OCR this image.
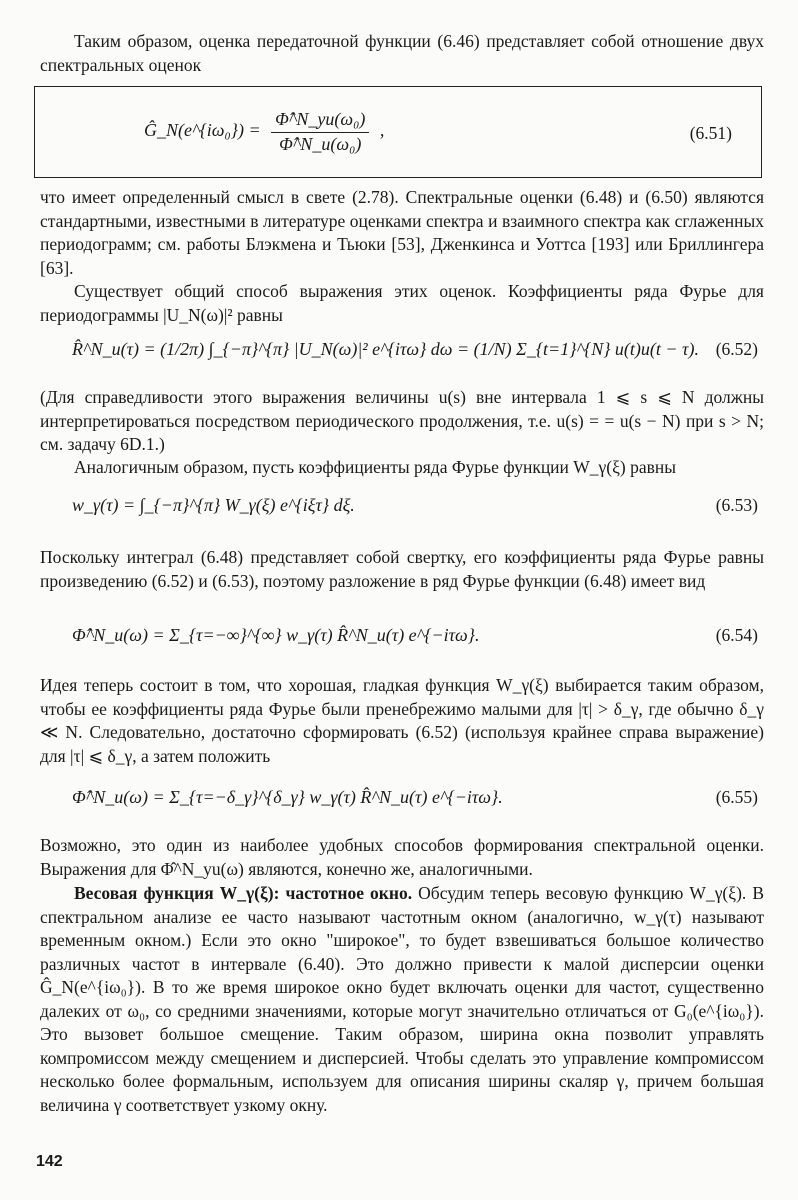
Таким образом, оценка передаточной функции (6.46) представляет собой отношение двух спектральных оценок

Ĝ_N(e^{iω₀}) = $\frac{\text{Φ̂\textasciicircum{}N\_yu(ω₀)}}{\text{Φ̂\textasciicircum{}N\_u(ω₀)}}$ ,	(6.51)

что имеет определенный смысл в свете (2.78). Спектральные оценки (6.48) и (6.50) являются стандартными, известными в литературе оценками спектра и взаимного спектра как сглаженных периодограмм; см. работы Блэкмена и Тьюки [53], Дженкинса и Уоттса [193] или Бриллингера [63].

Существует общий способ выражения этих оценок. Коэффициенты ряда Фурье для периодограммы |U_N(ω)|² равны

R̂^N_u(τ) = (1/2π) ∫_{−π}^{π} |U_N(ω)|² e^{iτω} dω = (1/N) Σ_{t=1}^{N} u(t)u(t − τ). (6.52)

(Для справедливости этого выражения величины u(s) вне интервала 1 ⩽ s ⩽ N должны интерпретироваться посредством периодического продолжения, т.е. u(s) = = u(s − N) при s > N; см. задачу 6D.1.)

Аналогичным образом, пусть коэффициенты ряда Фурье функции W_γ(ξ) равны

w_γ(τ) = ∫_{−π}^{π} W_γ(ξ) e^{iξτ} dξ.	(6.53)

Поскольку интеграл (6.48) представляет собой свертку, его коэффициенты ряда Фурье равны произведению (6.52) и (6.53), поэтому разложение в ряд Фурье функции (6.48) имеет вид

Φ̂^N_u(ω) = Σ_{τ=−∞}^{∞} w_γ(τ) R̂^N_u(τ) e^{−iτω}.	(6.54)

Идея теперь состоит в том, что хорошая, гладкая функция W_γ(ξ) выбирается таким образом, чтобы ее коэффициенты ряда Фурье были пренебрежимо малыми для |τ| > δ_γ, где обычно δ_γ ≪ N. Следовательно, достаточно сформировать (6.52) (используя крайнее справа выражение) для |τ| ⩽ δ_γ, а затем положить

Φ̂^N_u(ω) = Σ_{τ=−δ_γ}^{δ_γ} w_γ(τ) R̂^N_u(τ) e^{−iτω}.	(6.55)

Возможно, это один из наиболее удобных способов формирования спектральной оценки. Выражения для Φ̂^N_yu(ω) являются, конечно же, аналогичными.

Весовая функция W_γ(ξ): частотное окно. Обсудим теперь весовую функцию W_γ(ξ). В спектральном анализе ее часто называют частотным окном (аналогично, w_γ(τ) называют временным окном.) Если это окно "широкое", то будет взвешиваться большое количество различных частот в интервале (6.40). Это должно привести к малой дисперсии оценки Ĝ_N(e^{iω₀}). В то же время широкое окно будет включать оценки для частот, существенно далеких от ω₀, со средними значениями, которые могут значительно отличаться от G₀(e^{iω₀}). Это вызовет большое смещение. Таким образом, ширина окна позволит управлять компромиссом между смещением и дисперсией. Чтобы сделать это управление компромиссом несколько более формальным, используем для описания ширины скаляр γ, причем большая величина γ соответствует узкому окну.

142
